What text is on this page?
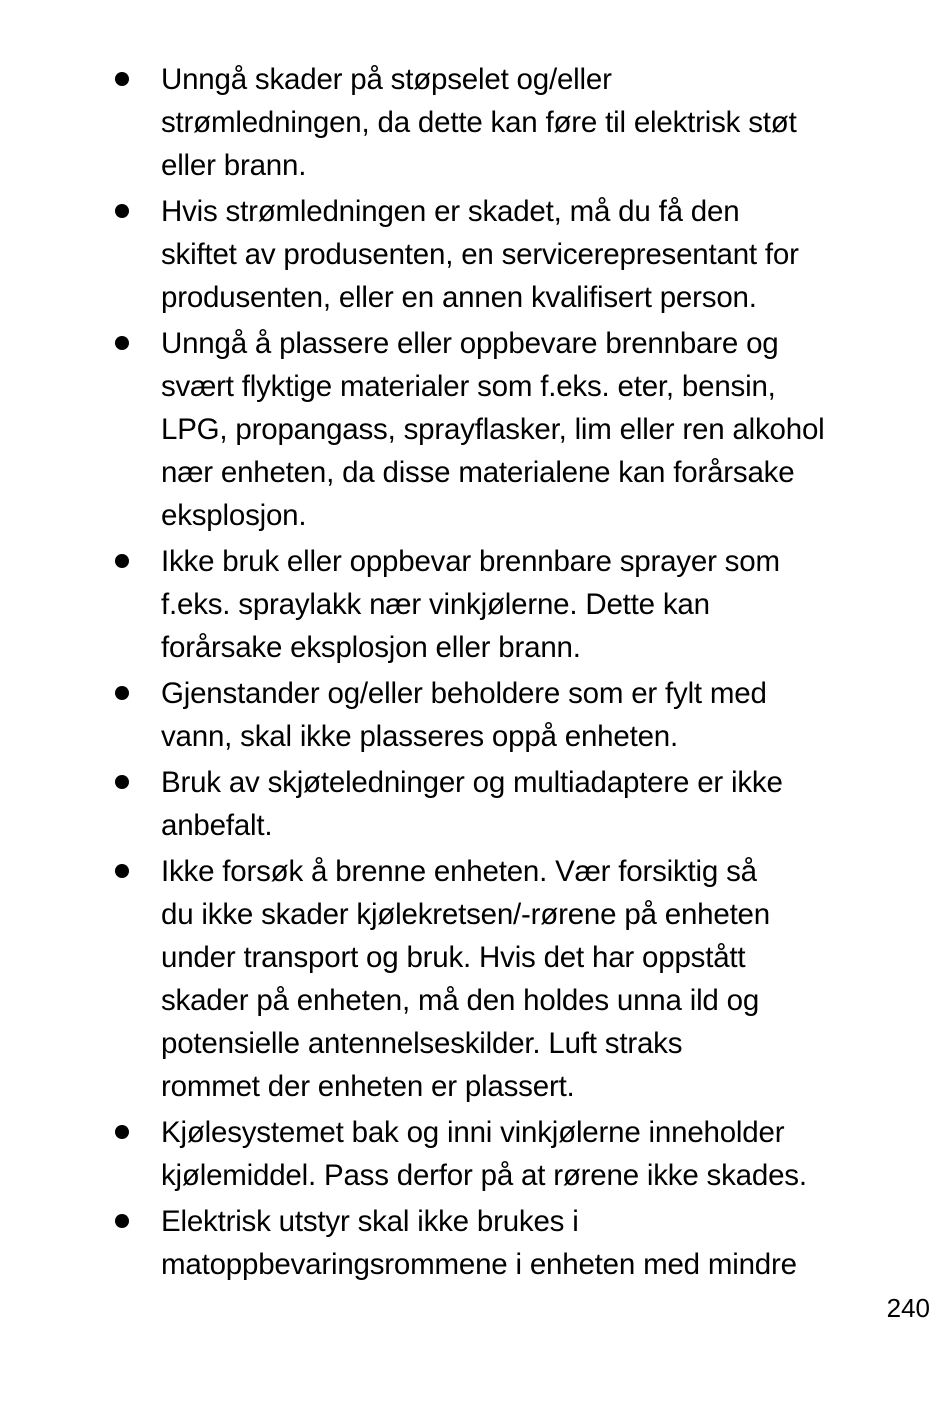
Unngå skader på støpselet og/eller
strømledningen, da dette kan føre til elektrisk støt
eller brann.
Hvis strømledningen er skadet, må du få den
skiftet av produsenten, en servicerepresentant for
produsenten, eller en annen kvalifisert person.
Unngå å plassere eller oppbevare brennbare og
svært flyktige materialer som f.eks. eter, bensin,
LPG, propangass, sprayflasker, lim eller ren alkohol
nær enheten, da disse materialene kan forårsake
eksplosjon.
Ikke bruk eller oppbevar brennbare sprayer som
f.eks. spraylakk nær vinkjølerne. Dette kan
forårsake eksplosjon eller brann.
Gjenstander og/eller beholdere som er fylt med
vann, skal ikke plasseres oppå enheten.
Bruk av skjøteledninger og multiadaptere er ikke
anbefalt.
Ikke forsøk å brenne enheten. Vær forsiktig så
du ikke skader kjølekretsen/-rørene på enheten
under transport og bruk. Hvis det har oppstått
skader på enheten, må den holdes unna ild og
potensielle antennelseskilder. Luft straks
rommet der enheten er plassert.
Kjølesystemet bak og inni vinkjølerne inneholder
kjølemiddel. Pass derfor på at rørene ikke skades.
Elektrisk utstyr skal ikke brukes i
matoppbevaringsrommene i enheten med mindre
240
